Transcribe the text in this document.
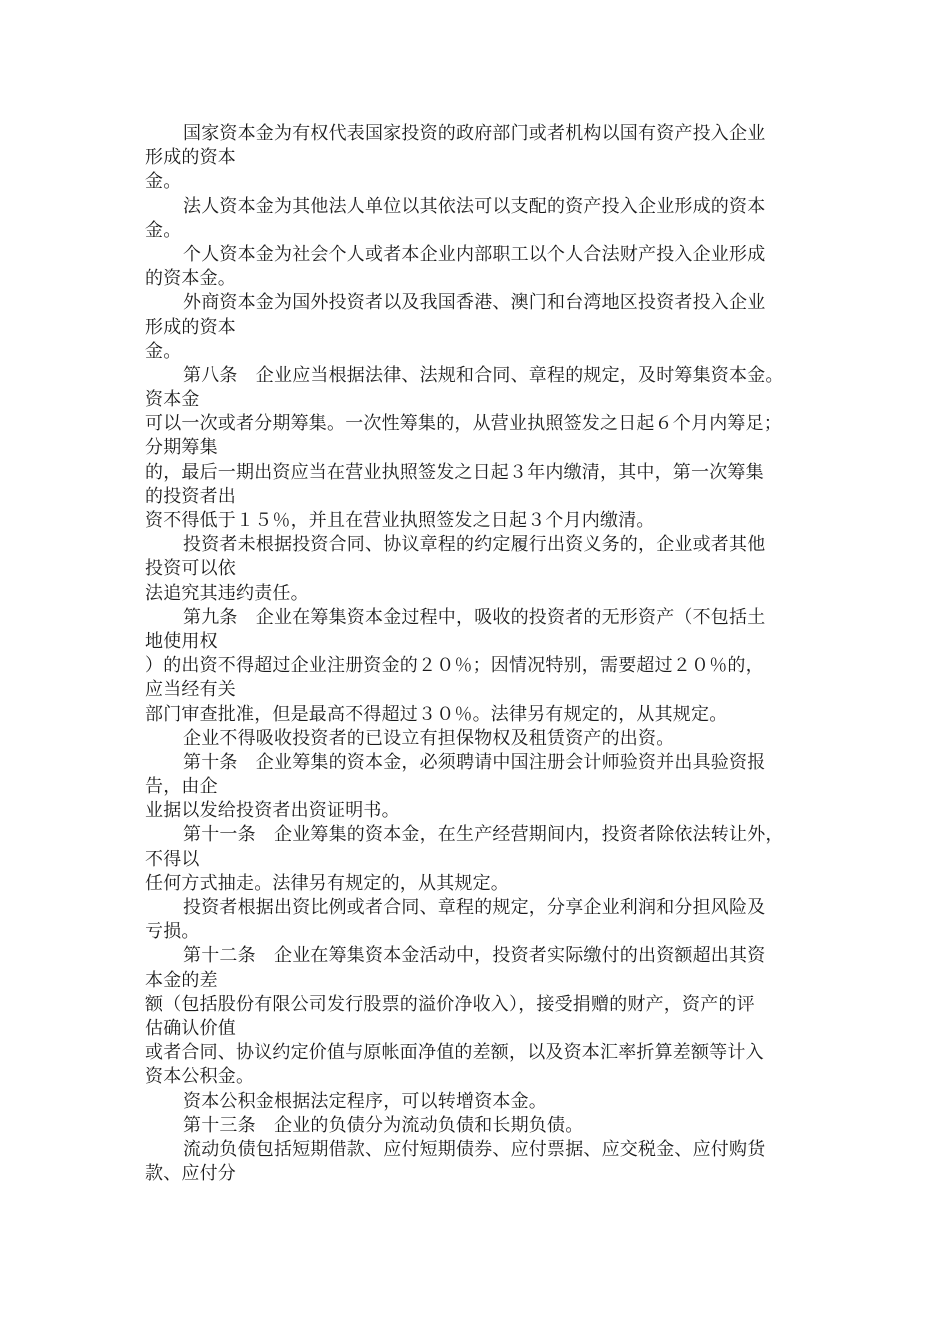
国家资本金为有权代表国家投资的政府部门或者机构以国有资产投入企业
形成的资本
金。
法人资本金为其他法人单位以其依法可以支配的资产投入企业形成的资本
金。
个人资本金为社会个人或者本企业内部职工以个人合法财产投入企业形成
的资本金。
外商资本金为国外投资者以及我国香港、澳门和台湾地区投资者投入企业
形成的资本
金。
第八条　企业应当根据法律、法规和合同、章程的规定，及时筹集资本金。
资本金
可以一次或者分期筹集。一次性筹集的，从营业执照签发之日起６个月内筹足；
分期筹集
的，最后一期出资应当在营业执照签发之日起３年内缴清，其中，第一次筹集
的投资者出
资不得低于１５％，并且在营业执照签发之日起３个月内缴清。
投资者未根据投资合同、协议章程的约定履行出资义务的，企业或者其他
投资可以依
法追究其违约责任。
第九条　企业在筹集资本金过程中，吸收的投资者的无形资产（不包括土
地使用权
）的出资不得超过企业注册资金的２０％；因情况特别，需要超过２０％的，
应当经有关
部门审查批准，但是最高不得超过３０％。法律另有规定的，从其规定。
企业不得吸收投资者的已设立有担保物权及租赁资产的出资。
第十条　企业筹集的资本金，必须聘请中国注册会计师验资并出具验资报
告，由企
业据以发给投资者出资证明书。
第十一条　企业筹集的资本金，在生产经营期间内，投资者除依法转让外，
不得以
任何方式抽走。法律另有规定的，从其规定。
投资者根据出资比例或者合同、章程的规定，分享企业利润和分担风险及
亏损。
第十二条　企业在筹集资本金活动中，投资者实际缴付的出资额超出其资
本金的差
额（包括股份有限公司发行股票的溢价净收入），接受捐赠的财产，资产的评
估确认价值
或者合同、协议约定价值与原帐面净值的差额，以及资本汇率折算差额等计入
资本公积金。
资本公积金根据法定程序，可以转增资本金。
第十三条　企业的负债分为流动负债和长期负债。
流动负债包括短期借款、应付短期债券、应付票据、应交税金、应付购货
款、应付分
